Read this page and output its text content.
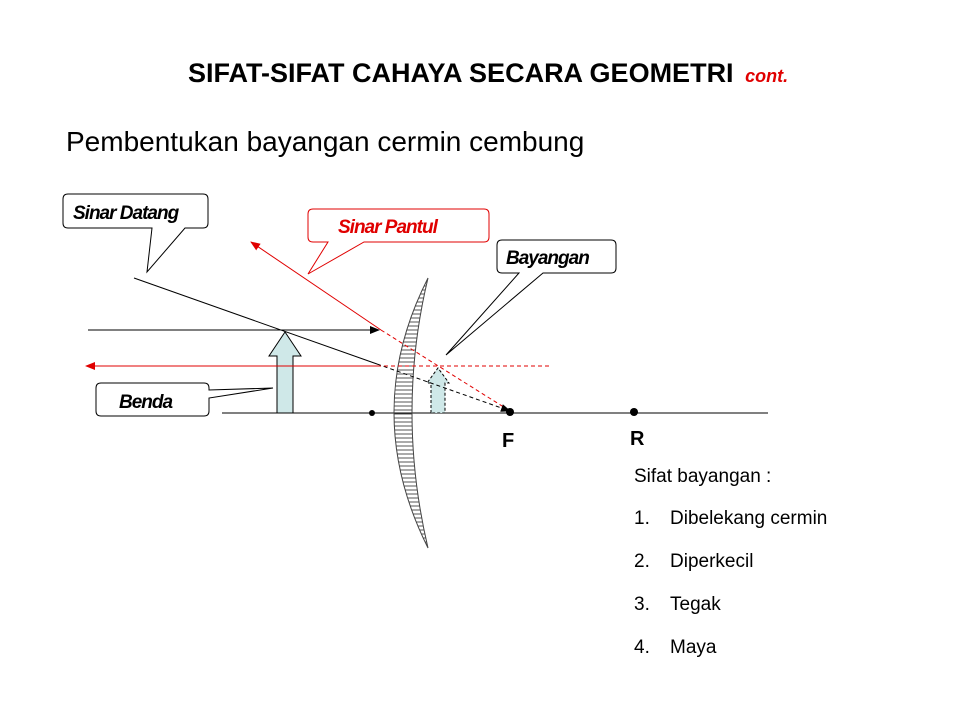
SIFAT-SIFAT CAHAYA SECARA GEOMETRI cont.
Pembentukan bayangan cermin cembung
F	R
Sinar Datang
Sinar Pantul
Bayangan
Benda
Sifat bayangan :
1.	Dibelekang cermin
2.	Diperkecil
3.	Tegak
4.	Maya
